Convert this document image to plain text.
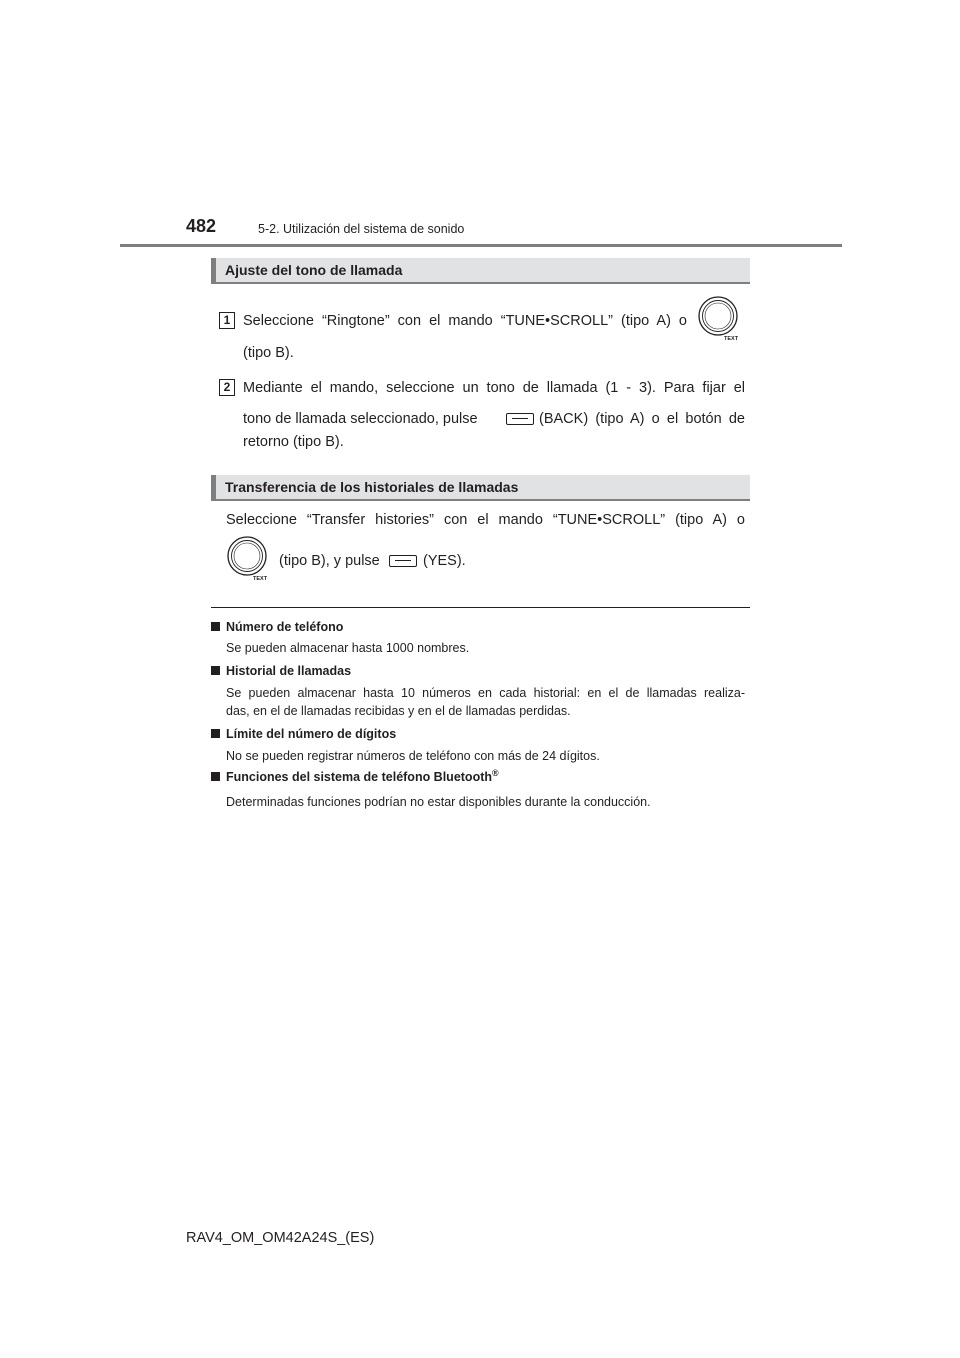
482	5-2. Utilización del sistema de sonido
Ajuste del tono de llamada
1 Seleccione “Ringtone” con el mando “TUNE•SCROLL” (tipo A) o
TEXT
(tipo B).
2 Mediante el mando, seleccione un tono de llamada (1 - 3). Para fijar el
tono de llamada seleccionado, pulse	(BACK) (tipo A) o el botón de
retorno (tipo B).
Transferencia de los historiales de llamadas
Seleccione “Transfer histories” con el mando “TUNE•SCROLL” (tipo A) o
TEXT
(tipo B), y pulse	(YES).
Número de teléfono
Se pueden almacenar hasta 1000 nombres.
Historial de llamadas
Se pueden almacenar hasta 10 números en cada historial: en el de llamadas realiza-
das, en el de llamadas recibidas y en el de llamadas perdidas.
Límite del número de dígitos
No se pueden registrar números de teléfono con más de 24 dígitos.
Funciones del sistema de teléfono Bluetooth®
Determinadas funciones podrían no estar disponibles durante la conducción.
RAV4_OM_OM42A24S_(ES)
